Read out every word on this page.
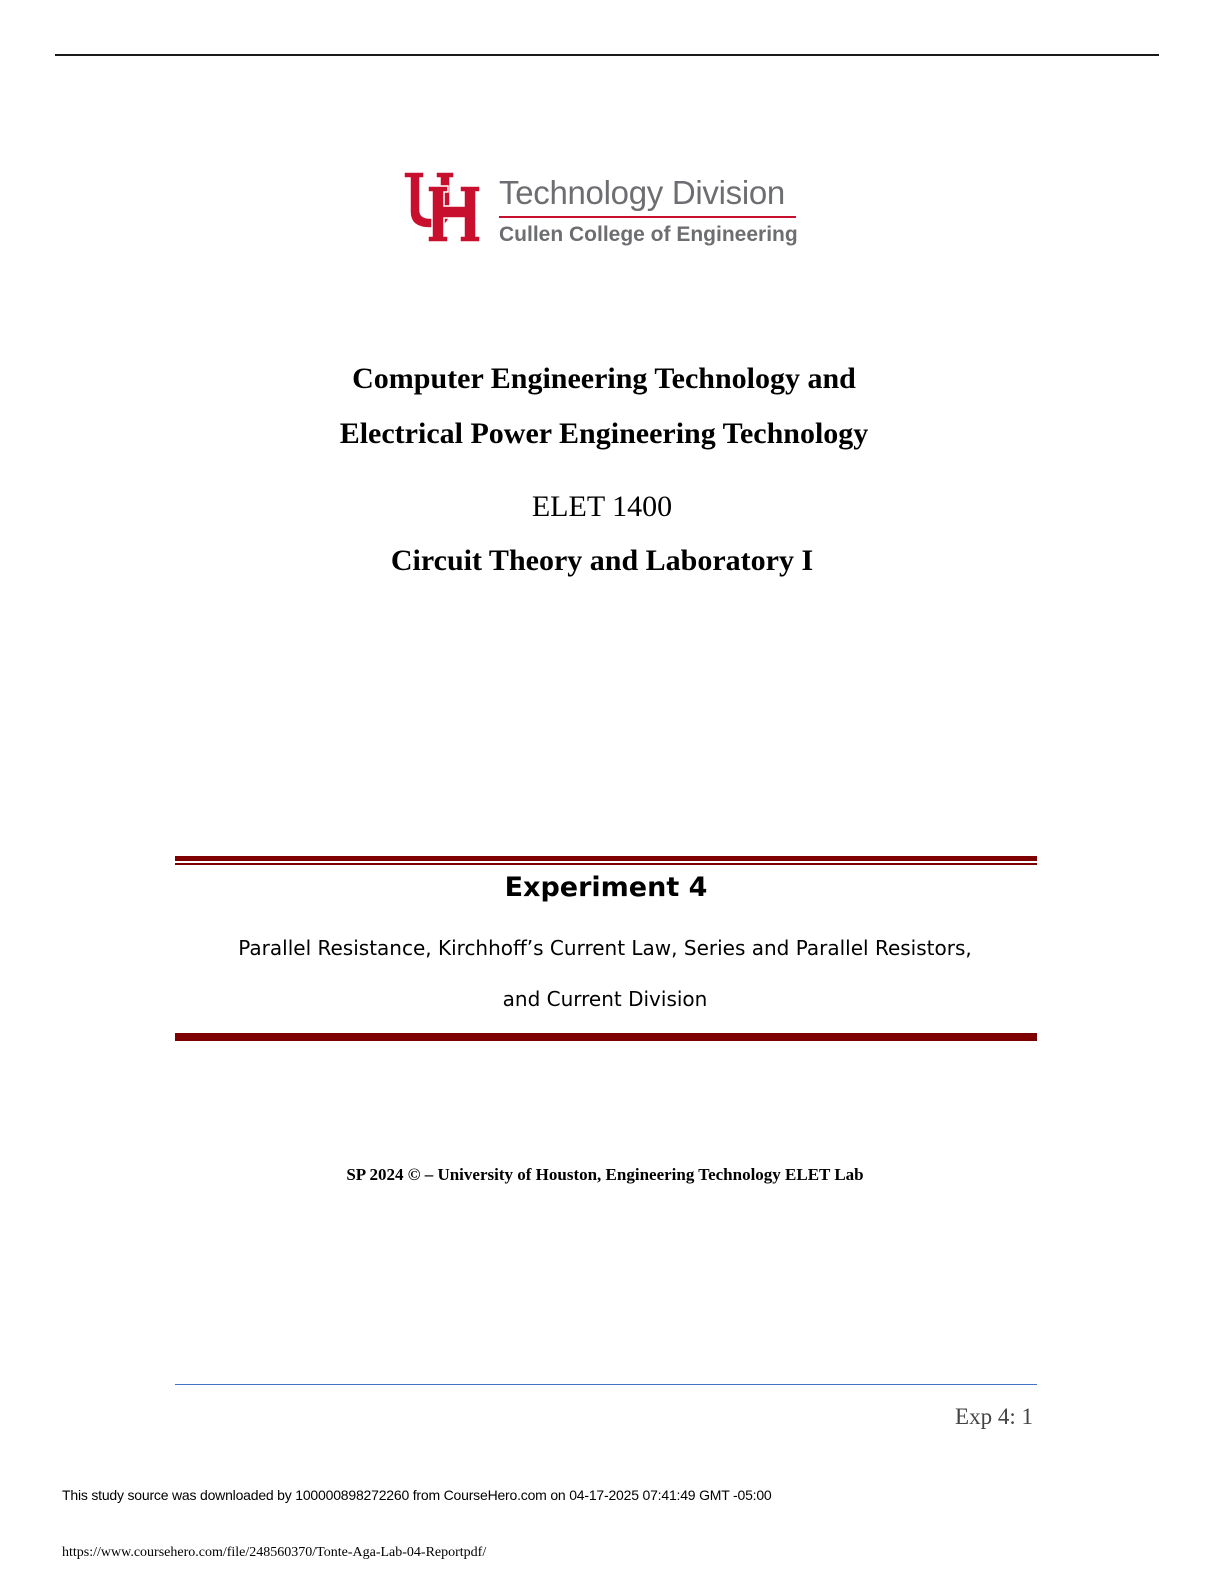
Technology Division
Cullen College of Engineering
Computer Engineering Technology and
Electrical Power Engineering Technology
ELET 1400
Circuit Theory and Laboratory I
Experiment 4
Parallel Resistance, Kirchhoff’s Current Law, Series and Parallel Resistors,
and Current Division
SP 2024 © – University of Houston, Engineering Technology ELET Lab
Exp 4: 1
This study source was downloaded by 100000898272260 from CourseHero.com on 04-17-2025 07:41:49 GMT -05:00
https://www.coursehero.com/file/248560370/Tonte-Aga-Lab-04-Reportpdf/
